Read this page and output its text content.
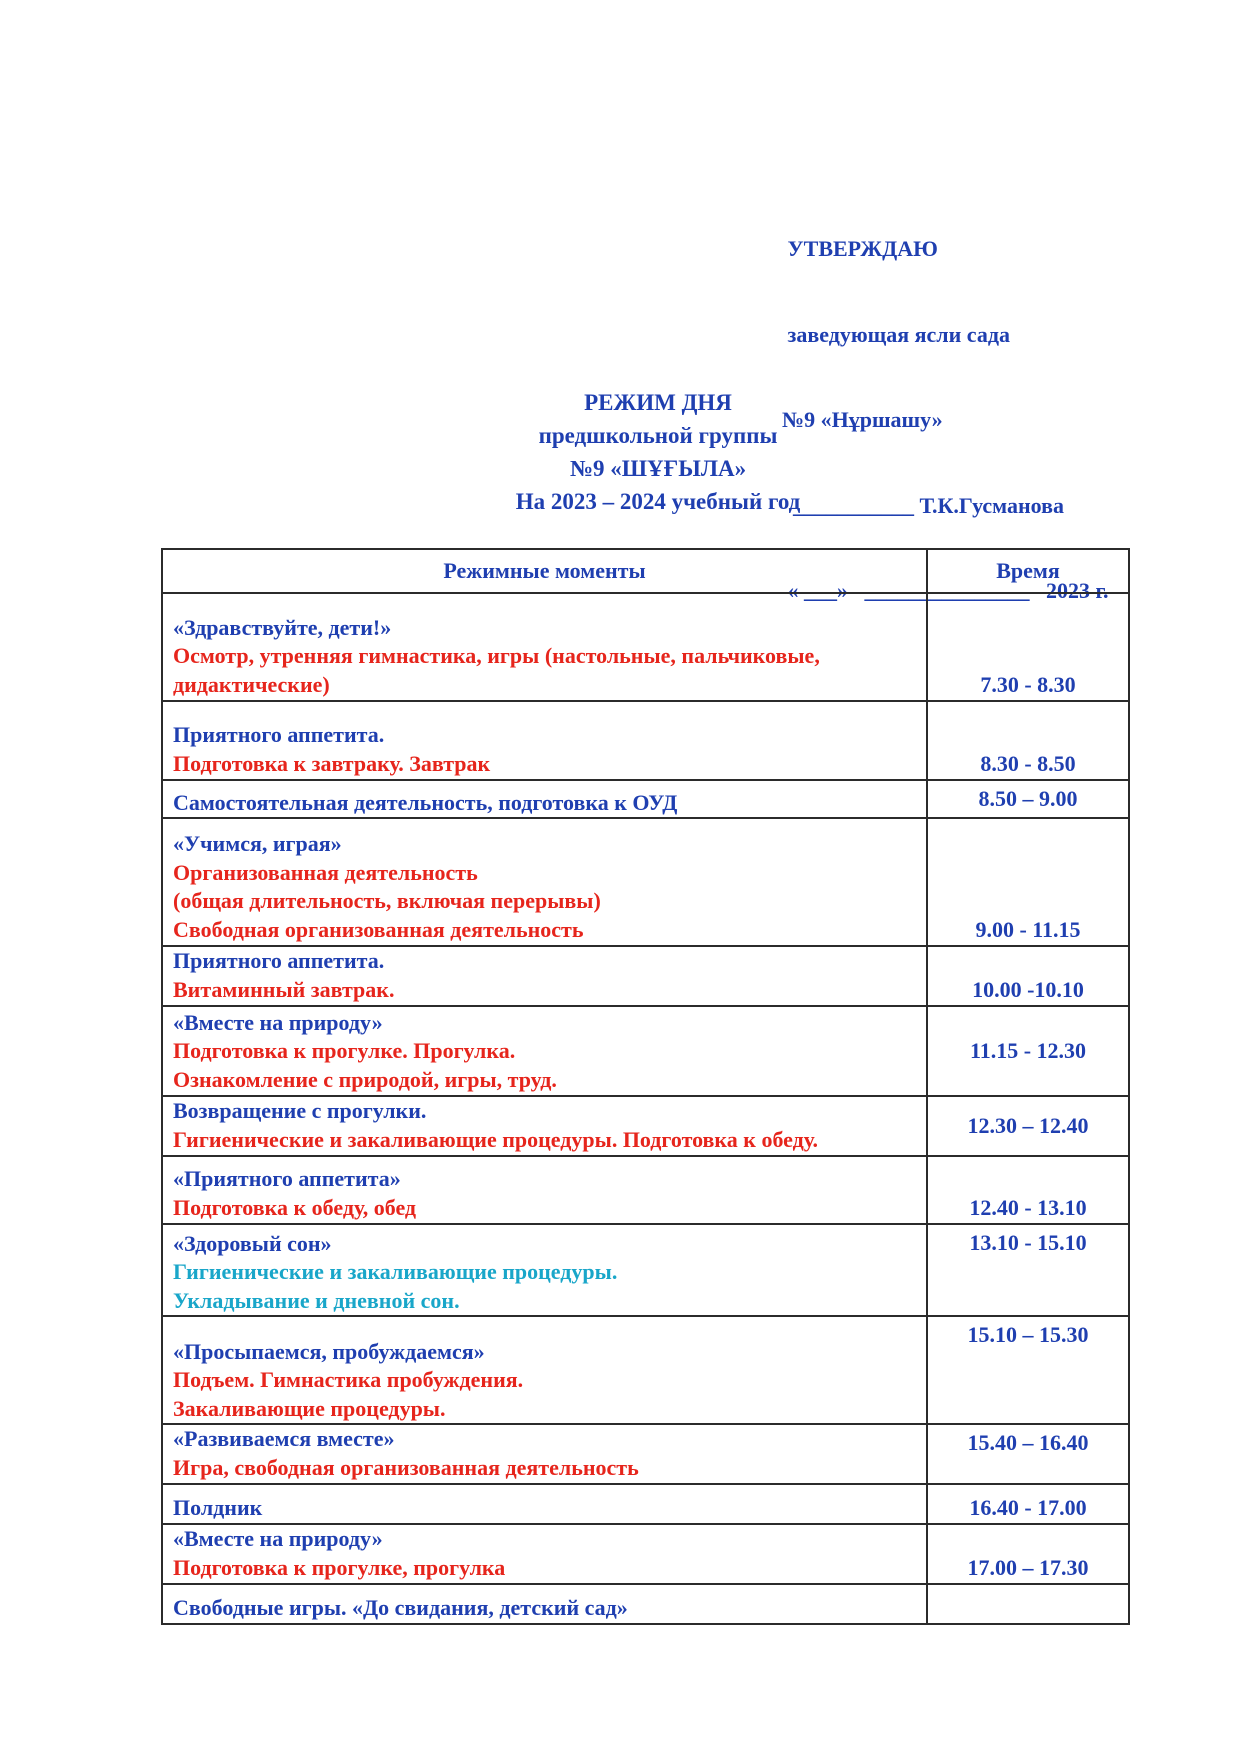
УТВЕРЖДАЮ

заведующая ясли сада

№9 «Нұршашу»

___________ Т.К.Гусманова

« ___»   _______________   2023 г.

РЕЖИМ ДНЯ
предшкольной группы
№9 «ШҰҒЫЛА»
На 2023 – 2024 учебный год
Режимные моменты	Время

«Здравствуйте, дети!»
Осмотр, утренняя гимнастика, игры (настольные, пальчиковые, дидактические)	7.30 - 8.30

Приятного аппетита.
Подготовка к завтраку. Завтрак	8.30 - 8.50

Самостоятельная деятельность, подготовка к ОУД	8.50 – 9.00

«Учимся, играя»
Организованная деятельность
(общая длительность, включая перерывы)
Свободная организованная деятельность	9.00 - 11.15

Приятного аппетита.
Витаминный завтрак.	10.00 -10.10

«Вместе на природу»
Подготовка к прогулке. Прогулка.
Ознакомление с природой, игры, труд.	11.15 - 12.30

Возвращение с прогулки.
Гигиенические и закаливающие процедуры. Подготовка к обеду.	12.30 – 12.40

«Приятного аппетита»
Подготовка к обеду, обед	12.40 - 13.10

«Здоровый сон»
Гигиенические и закаливающие процедуры.
Укладывание и дневной сон.	13.10 - 15.10

«Просыпаемся, пробуждаемся»
Подъем. Гимнастика пробуждения.
Закаливающие процедуры.	15.10 – 15.30

«Развиваемся вместе»
Игра, свободная организованная деятельность	15.40 – 16.40

Полдник	16.40 - 17.00

«Вместе на природу»
Подготовка к прогулке, прогулка	17.00 – 17.30

Свободные игры. «До свидания, детский сад»	
